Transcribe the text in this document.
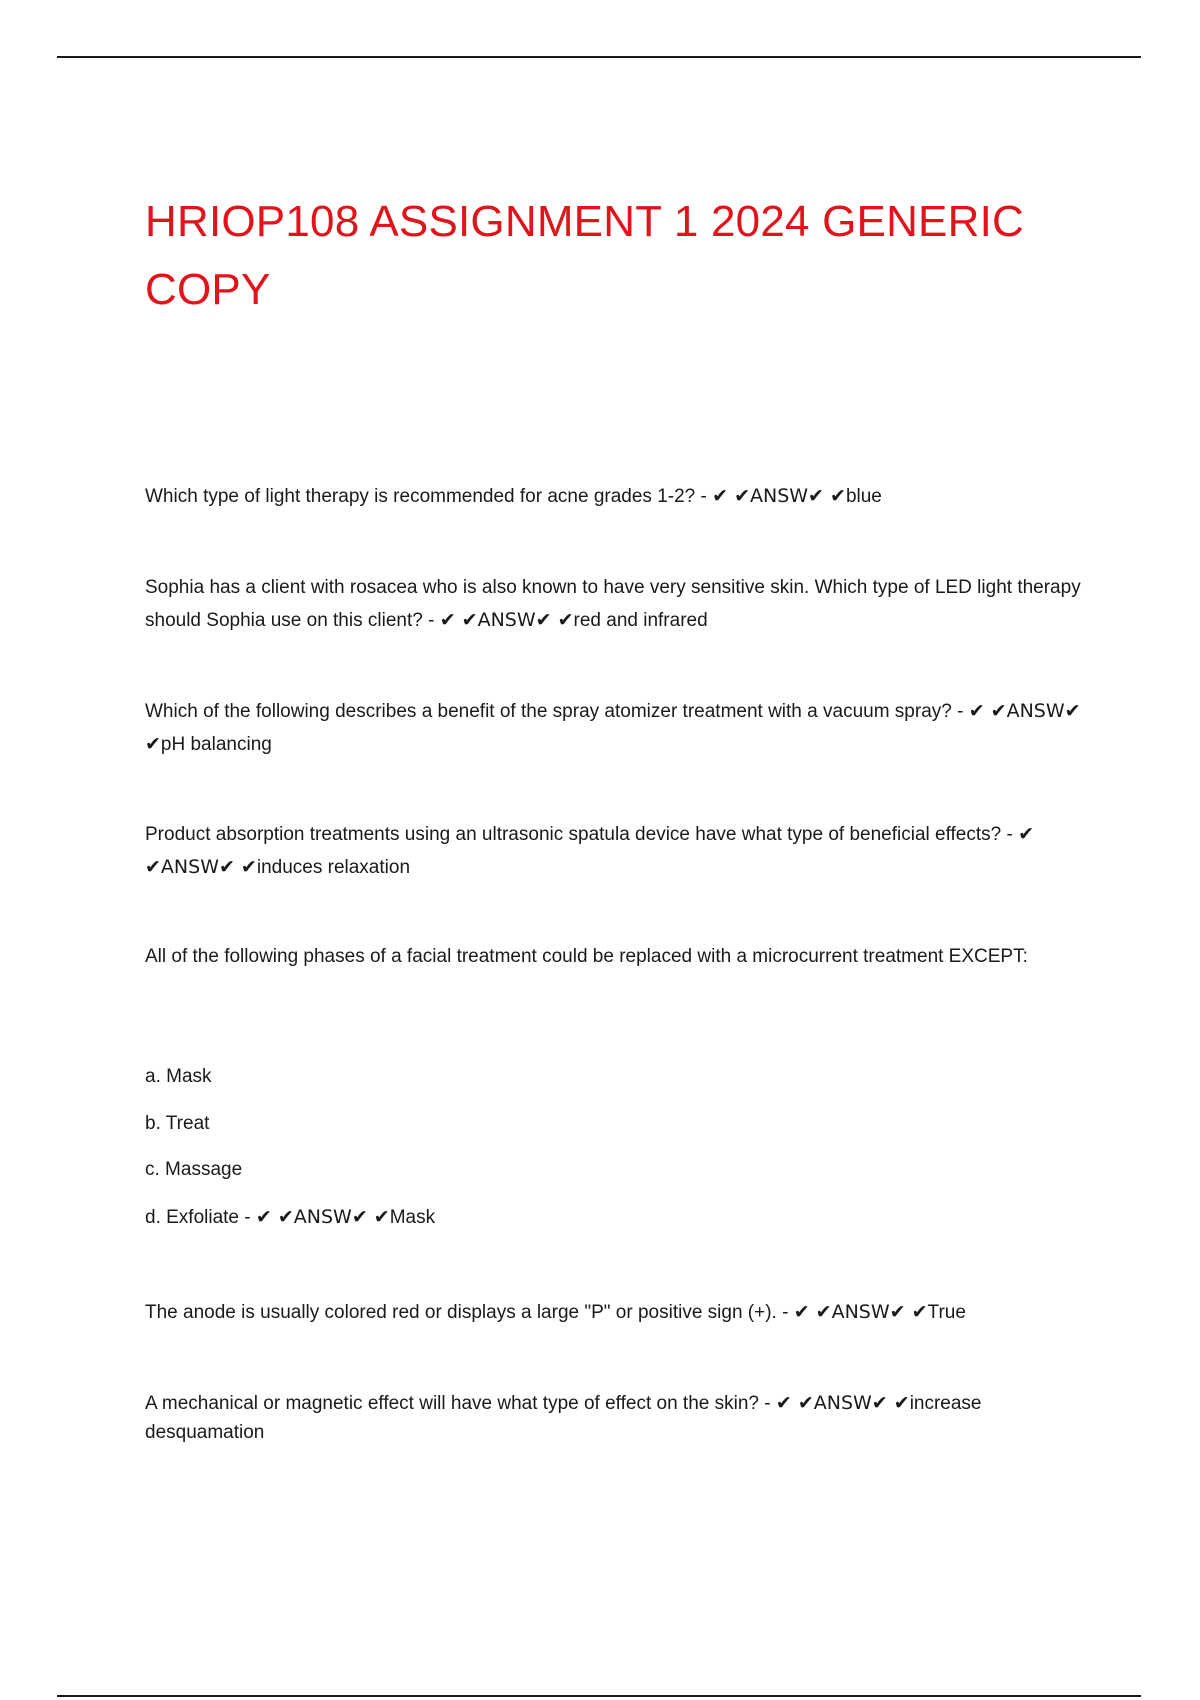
HRIOP108 ASSIGNMENT 1 2024 GENERIC COPY

Which type of light therapy is recommended for acne grades 1-2? - ✔ ✔ANSW✔ ✔blue

Sophia has a client with rosacea who is also known to have very sensitive skin. Which type of LED light therapy should Sophia use on this client? - ✔ ✔ANSW✔ ✔red and infrared

Which of the following describes a benefit of the spray atomizer treatment with a vacuum spray? - ✔ ✔ANSW✔ ✔pH balancing

Product absorption treatments using an ultrasonic spatula device have what type of beneficial effects? - ✔ ✔ANSW✔ ✔induces relaxation

All of the following phases of a facial treatment could be replaced with a microcurrent treatment EXCEPT:

a. Mask

b. Treat

c. Massage

d. Exfoliate - ✔ ✔ANSW✔ ✔Mask

The anode is usually colored red or displays a large "P" or positive sign (+). - ✔ ✔ANSW✔ ✔True

A mechanical or magnetic effect will have what type of effect on the skin? - ✔ ✔ANSW✔ ✔increase desquamation
